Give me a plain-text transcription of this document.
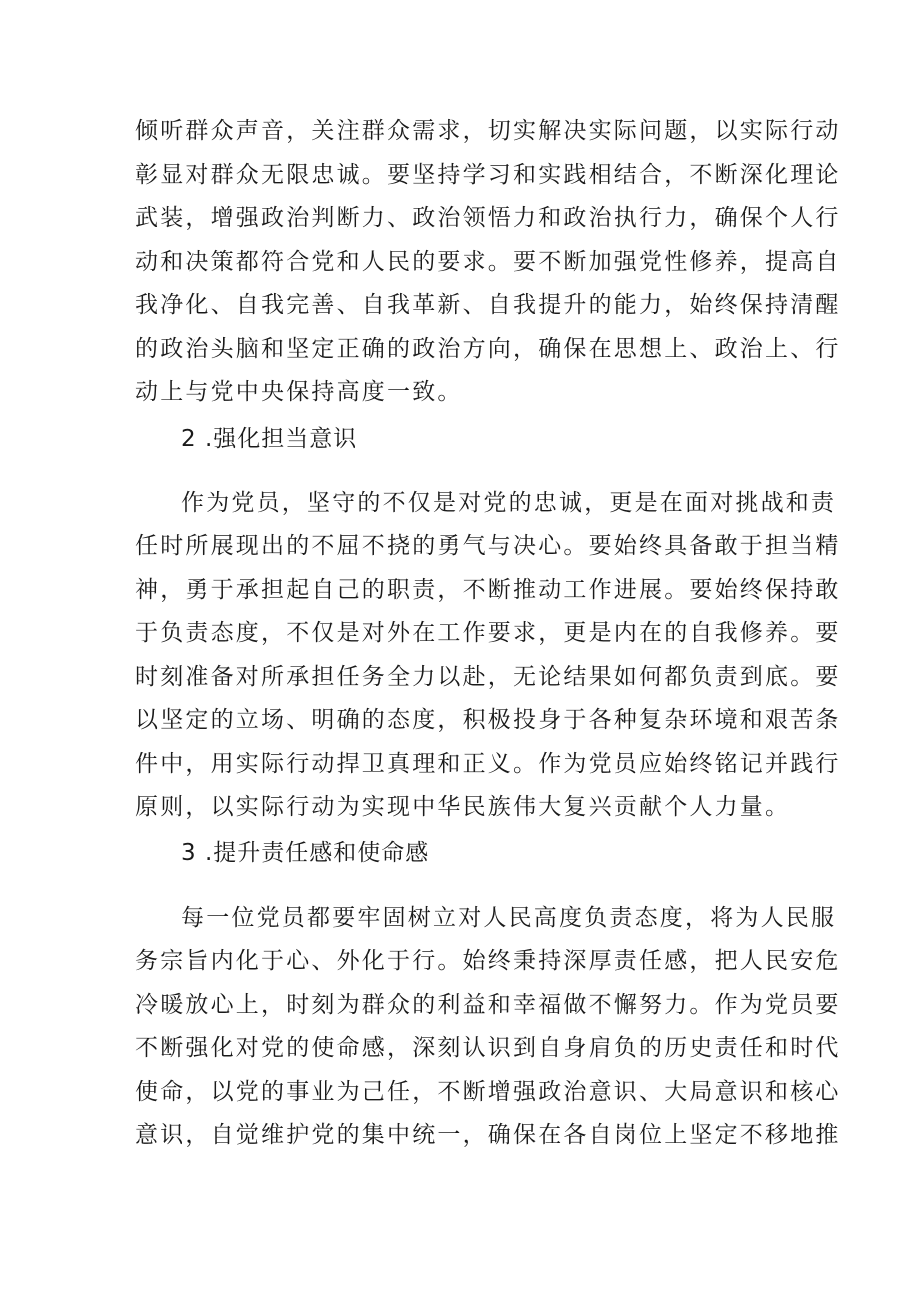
倾听群众声音，关注群众需求，切实解决实际问题，以实际行动
彰显对群众无限忠诚。要坚持学习和实践相结合，不断深化理论
武装，增强政治判断力、政治领悟力和政治执行力，确保个人行
动和决策都符合党和人民的要求。要不断加强党性修养，提高自
我净化、自我完善、自我革新、自我提升的能力，始终保持清醒
的政治头脑和坚定正确的政治方向，确保在思想上、政治上、行
动上与党中央保持高度一致。
2 .强化担当意识
作为党员，坚守的不仅是对党的忠诚，更是在面对挑战和责
任时所展现出的不屈不挠的勇气与决心。要始终具备敢于担当精
神，勇于承担起自己的职责，不断推动工作进展。要始终保持敢
于负责态度，不仅是对外在工作要求，更是内在的自我修养。要
时刻准备对所承担任务全力以赴，无论结果如何都负责到底。要
以坚定的立场、明确的态度，积极投身于各种复杂环境和艰苦条
件中，用实际行动捍卫真理和正义。作为党员应始终铭记并践行
原则，以实际行动为实现中华民族伟大复兴贡献个人力量。
3 .提升责任感和使命感
每一位党员都要牢固树立对人民高度负责态度，将为人民服
务宗旨内化于心、外化于行。始终秉持深厚责任感，把人民安危
冷暖放心上，时刻为群众的利益和幸福做不懈努力。作为党员要
不断强化对党的使命感，深刻认识到自身肩负的历史责任和时代
使命，以党的事业为己任，不断增强政治意识、大局意识和核心
意识，自觉维护党的集中统一，确保在各自岗位上坚定不移地推
